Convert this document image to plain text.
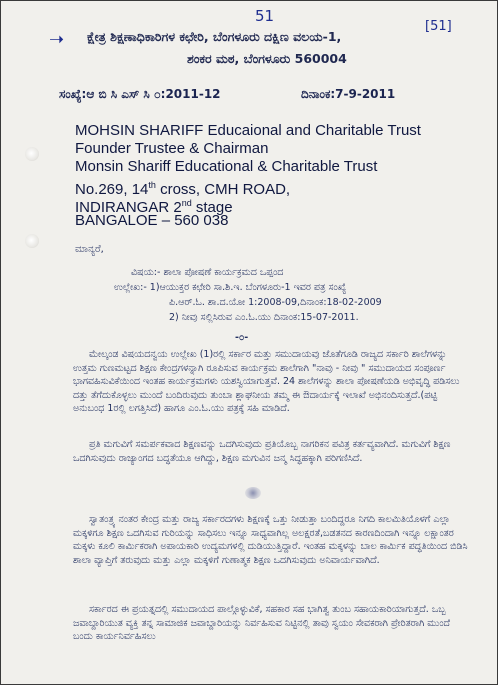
51
➝ ಕ್ಷೇತ್ರ ಶಿಕ್ಷಣಾಧಿಕಾರಿಗಳ ಕಛೇರಿ, ಬೆಂಗಳೂರು ದಕ್ಷಿಣ ವಲಯ-1,
[51]
ಶಂಕರ ಮಠ, ಬೆಂಗಳೂರು 560004
ಸಂಖ್ಯೆ:ಆ ಬಿ ಸಿ ಎಸ್ ಸಿ ೦:2011-12	ದಿನಾಂಕ:7-9-2011
MOHSIN SHARIFF Educaional and Charitable Trust
Founder Trustee & Chairman
Monsin Shariff Educational & Charitable Trust
No.269, 14th cross, CMH ROAD,
INDIRANGAR 2nd stage
BANGALOE – 560 038
ಮಾನ್ಯರೆ,
ವಿಷಯ:- ಶಾಲಾ ಪೋಷಣೆ ಕಾರ್ಯಕ್ರಮದ ಒಪ್ಪಂದ
ಉಲ್ಲೇಖ:- 1)ಆಯುಕ್ತರ ಕಛೇರಿ ಸಾ.ಶಿ.ಇ. ಬೆಂಗಳೂರು-1 ಇವರ ಪತ್ರ ಸಂಖ್ಯೆ
ಪಿ.ಆರ್.ಓ. ಶಾ.ದ.ಯೋ 1:2008-09,ದಿನಾಂಕ:18-02-2009
2) ನೀವು ಸಲ್ಲಿಸಿರುವ ಎಂ.ಓ.ಯು ದಿನಾಂಕ:15-07-2011.
-೦-

ಮೇಲ್ಕಂಡ ವಿಷಯದನ್ವಯ ಉಲ್ಲೇಖ (1)ರಲ್ಲಿ ಸರ್ಕಾರ ಮತ್ತು ಸಮುದಾಯವು ಜೊತೆಗೂಡಿ ರಾಜ್ಯದ ಸರ್ಕಾರಿ ಶಾಲೆಗಳನ್ನು ಉತ್ತಮ ಗುಣಮಟ್ಟದ ಶಿಕ್ಷಣ ಕೇಂದ್ರಗಳನ್ನಾಗಿ ರೂಪಿಸುವ ಕಾರ್ಯಕ್ರಮ ಶಾಲೆಗಾಗಿ "ನಾವು - ನೀವು " ಸಮುದಾಯದ ಸಂಪೂರ್ಣ ಭಾಗವಹಿಸುವಿಕೆಯಿಂದ ಇಂತಹ ಕಾರ್ಯಕ್ರಮಗಳು ಯಶಸ್ವಿಯಾಗುತ್ತವೆ. 24 ಶಾಲೆಗಳನ್ನು ಶಾಲಾ ಪೋಷಣೆಯಡಿ ಅಭಿವೃದ್ಧಿ ಪಡಿಸಲು ದತ್ತು ತೆಗೆದುಕೊಳ್ಳಲು ಮುಂದೆ ಬಂದಿರುವುದು ತುಂಬಾ ಶ್ಲಾಘನೀಯ ತಮ್ಮ ಈ ಔದಾರ್ಯಕ್ಕೆ ಇಲಾಖೆ ಅಭಿನಂದಿಸುತ್ತದೆ.(ಪಟ್ಟಿ ಅನುಬಂಧ 1ರಲ್ಲಿ ಲಗತ್ತಿಸಿದೆ) ಹಾಗೂ ಎಂ.ಓ.ಯು ಪತ್ರಕ್ಕೆ ಸಹಿ ಮಾಡಿದೆ.

ಪ್ರತಿ ಮಗುವಿಗೆ ಸಮರ್ಪಕವಾದ ಶಿಕ್ಷಣವನ್ನು ಒದಗಿಸುವುದು ಪ್ರತಿಯೊಬ್ಬ ನಾಗರಿಕನ ಪವಿತ್ರ ಕರ್ತವ್ಯವಾಗಿದೆ. ಮಗುವಿಗೆ ಶಿಕ್ಷಣ ಒದಗಿಸುವುದು ರಾಜ್ಯಾಂಗದ ಬದ್ಧತೆಯೂ ಆಗಿದ್ದು, ಶಿಕ್ಷಣ ಮಗುವಿನ ಜನ್ಮ ಸಿದ್ಧಹಕ್ಕಾಗಿ ಪರಿಗಣಿಸಿದೆ.

ಸ್ವಾತಂತ್ರ್ಯ ನಂತರ ಕೇಂದ್ರ ಮತ್ತು ರಾಜ್ಯ ಸರ್ಕಾರದಗಳು ಶಿಕ್ಷಣಕ್ಕೆ ಒತ್ತು ನೀಡುತ್ತಾ ಬಂದಿದ್ದರೂ ನಿಗದಿ ಕಾಲಮಿತಿಯೊಳಗೆ ಎಲ್ಲಾ ಮಕ್ಕಳಿಗೂ ಶಿಕ್ಷಣ ಒದಗಿಸುವ ಗುರಿಯನ್ನು ಸಾಧಿಸಲು ಇನ್ನೂ ಸಾಧ್ಯವಾಗಿಲ್ಲ ಅಲಕ್ಷರತೆ,ಬಡತನದ ಕಾರಣದಿಂದಾಗಿ ಇನ್ನೂ ಲಕ್ಷಾಂತರ ಮಕ್ಕಳು ಕೂಲಿ ಕಾರ್ಮಿಕರಾಗಿ ಅಪಾಯಕಾರಿ ಉದ್ಯಮಗಳಲ್ಲಿ ದುಡಿಯುತ್ತಿದ್ದಾರೆ. ಇಂತಹ ಮಕ್ಕಳನ್ನು ಬಾಲ ಕಾರ್ಮಿಕ ಪದ್ಧತಿಯಿಂದ ಬಿಡಿಸಿ ಶಾಲಾ ವ್ಯಾಪ್ತಿಗೆ ತರುವುದು ಮತ್ತು ಎಲ್ಲಾ ಮಕ್ಕಳಿಗೆ ಗುಣಾತ್ಮಕ ಶಿಕ್ಷಣ ಒದಗಿಸುವುದು ಅನಿವಾರ್ಯವಾಗಿದೆ.

ಸರ್ಕಾರದ ಈ ಪ್ರಯತ್ನದಲ್ಲಿ ಸಮುದಾಯದ ಪಾಲ್ಗೊಳ್ಳುವಿಕೆ, ಸಹಕಾರ ಸಹ ಭಾಗಿತ್ವ ತುಂಬ ಸಹಾಯಕಾರಿಯಾಗುತ್ತದೆ. ಒಬ್ಬ ಜವಾಬ್ದಾರಿಯುತ ವ್ಯಕ್ತಿ ತನ್ನ ಸಾಮಾಜಿಕ ಜವಾಬ್ದಾರಿಯನ್ನು ನಿರ್ವಹಿಸುವ ನಿಟ್ಟಿನಲ್ಲಿ ತಾವು ಸ್ವಯಂ ಸೇವಕರಾಗಿ ಪ್ರೇರಿತರಾಗಿ ಮುಂದೆ ಬಂದು ಕಾರ್ಯನಿರ್ವಹಿಸಲು
